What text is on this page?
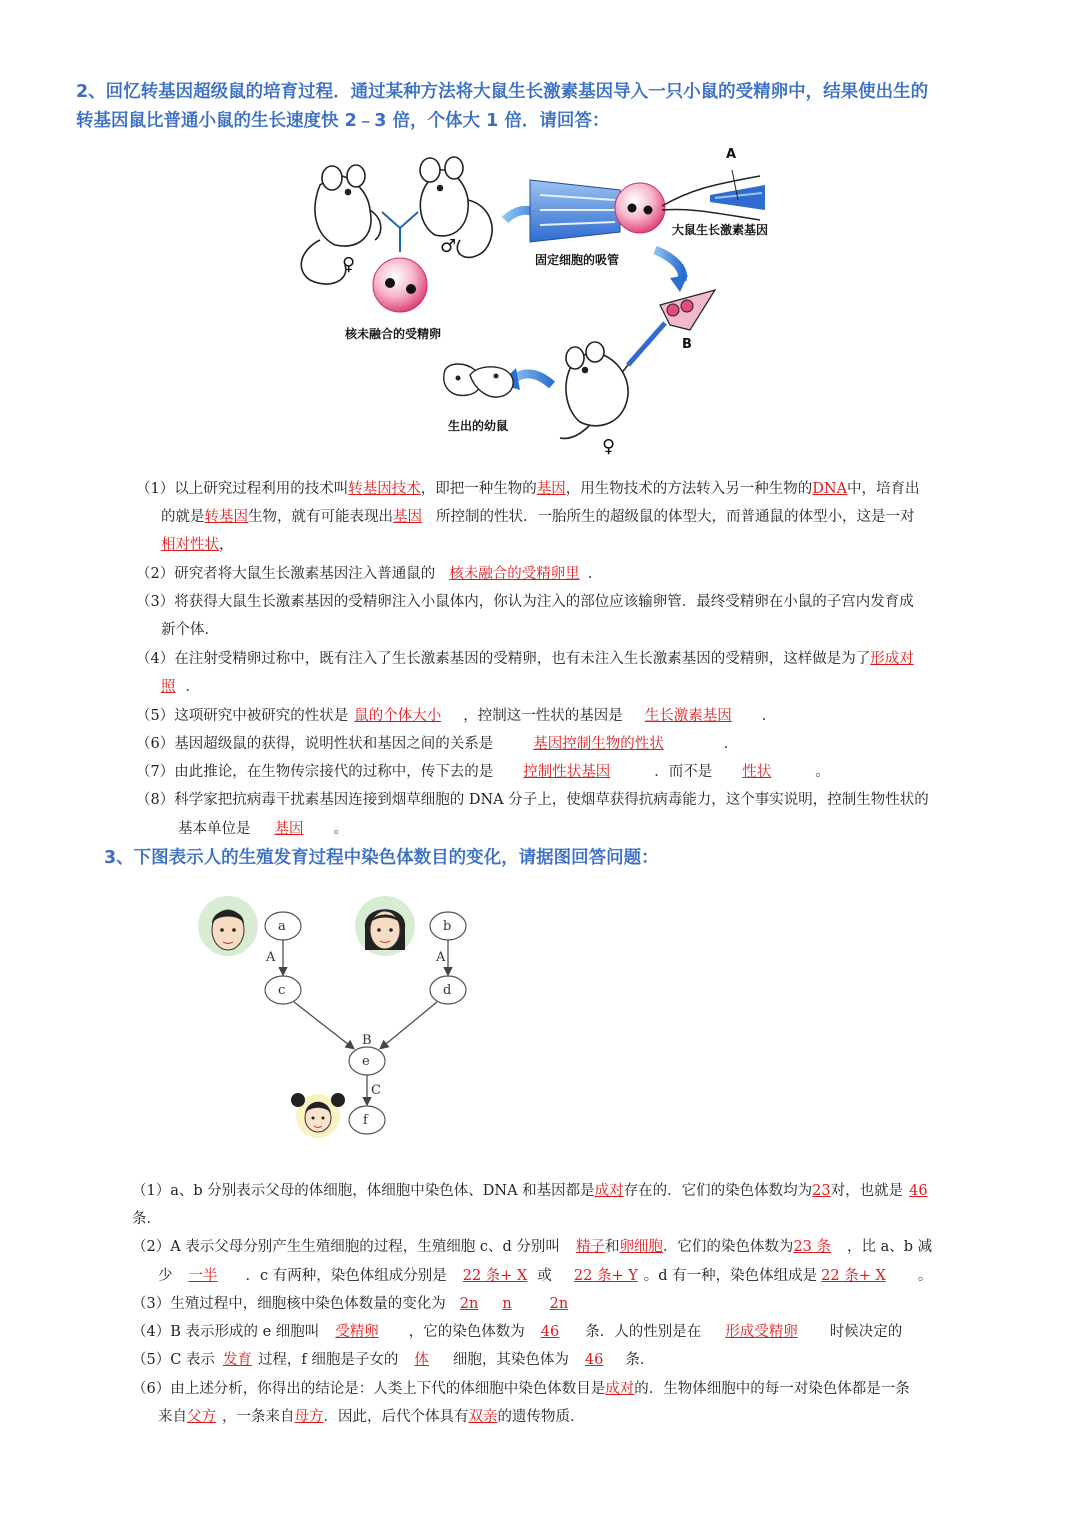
2、回忆转基因超级鼠的培育过程．通过某种方法将大鼠生长激素基因导入一只小鼠的受精卵中，结果使出生的
转基因鼠比普通小鼠的生长速度快 2﹣3 倍，个体大 1 倍．请回答：
♀
♂
核未融合的受精卵
固定细胞的吸管
A
大鼠生长激素基因
B
♀
生出的幼鼠
（1）以上研究过程利用的技术叫转基因技术，即把一种生物的基因，用生物技术的方法转入另一种生物的DNA中，培育出
的就是转基因生物，就有可能表现出基因 所控制的性状．一胎所生的超级鼠的体型大，而普通鼠的体型小，这是一对
相对性状，
（2）研究者将大鼠生长激素基因注入普通鼠的 核未融合的受精卵里 ．
（3）将获得大鼠生长激素基因的受精卵注入小鼠体内，你认为注入的部位应该输卵管．最终受精卵在小鼠的子宫内发育成
新个体．
（4）在注射受精卵过称中，既有注入了生长激素基因的受精卵，也有未注入生长激素基因的受精卵，这样做是为了形成对
照 ．
（5）这项研究中被研究的性状是 鼠的个体大小 ，控制这一性状的基因是 生长激素基因 ．
（6）基因超级鼠的获得，说明性状和基因之间的关系是	基因控制生物的性状	．
（7）由此推论，在生物传宗接代的过称中，传下去的是 控制性状基因	．而不是 性状	。
（8）科学家把抗病毒干扰素基因连接到烟草细胞的 DNA 分子上，使烟草获得抗病毒能力，这个事实说明，控制生物性状的
基本单位是 基因 。
3、下图表示人的生殖发育过程中染色体数目的变化，请据图回答问题：
a	b
c	d
e
f
A	A
B
C
（1）a、b 分别表示父母的体细胞，体细胞中染色体、DNA 和基因都是成对存在的．它们的染色体数均为23对，也就是 46
条．
（2）A 表示父母分别产生生殖细胞的过程，生殖细胞 c、d 分别叫 精子和卵细胞．它们的染色体数为23 条 ，比 a、b 减
少 一半 ．c 有两种，染色体组成分别是 22 条+ X 或 22 条+ Y 。d 有一种，染色体组成是 22 条+ X 。
（3）生殖过程中，细胞核中染色体数量的变化为 2n n	2n
（4）B 表示形成的 e 细胞叫 受精卵 ，它的染色体数为 46 条．人的性别是在 形成受精卵 时候决定的
（5）C 表示 发育 过程，f 细胞是子女的 体 细胞，其染色体为 46 条．
（6）由上述分析，你得出的结论是：人类上下代的体细胞中染色体数目是成对的．生物体细胞中的每一对染色体都是一条
来自父方 ，一条来自母方．因此，后代个体具有双亲的遗传物质．
